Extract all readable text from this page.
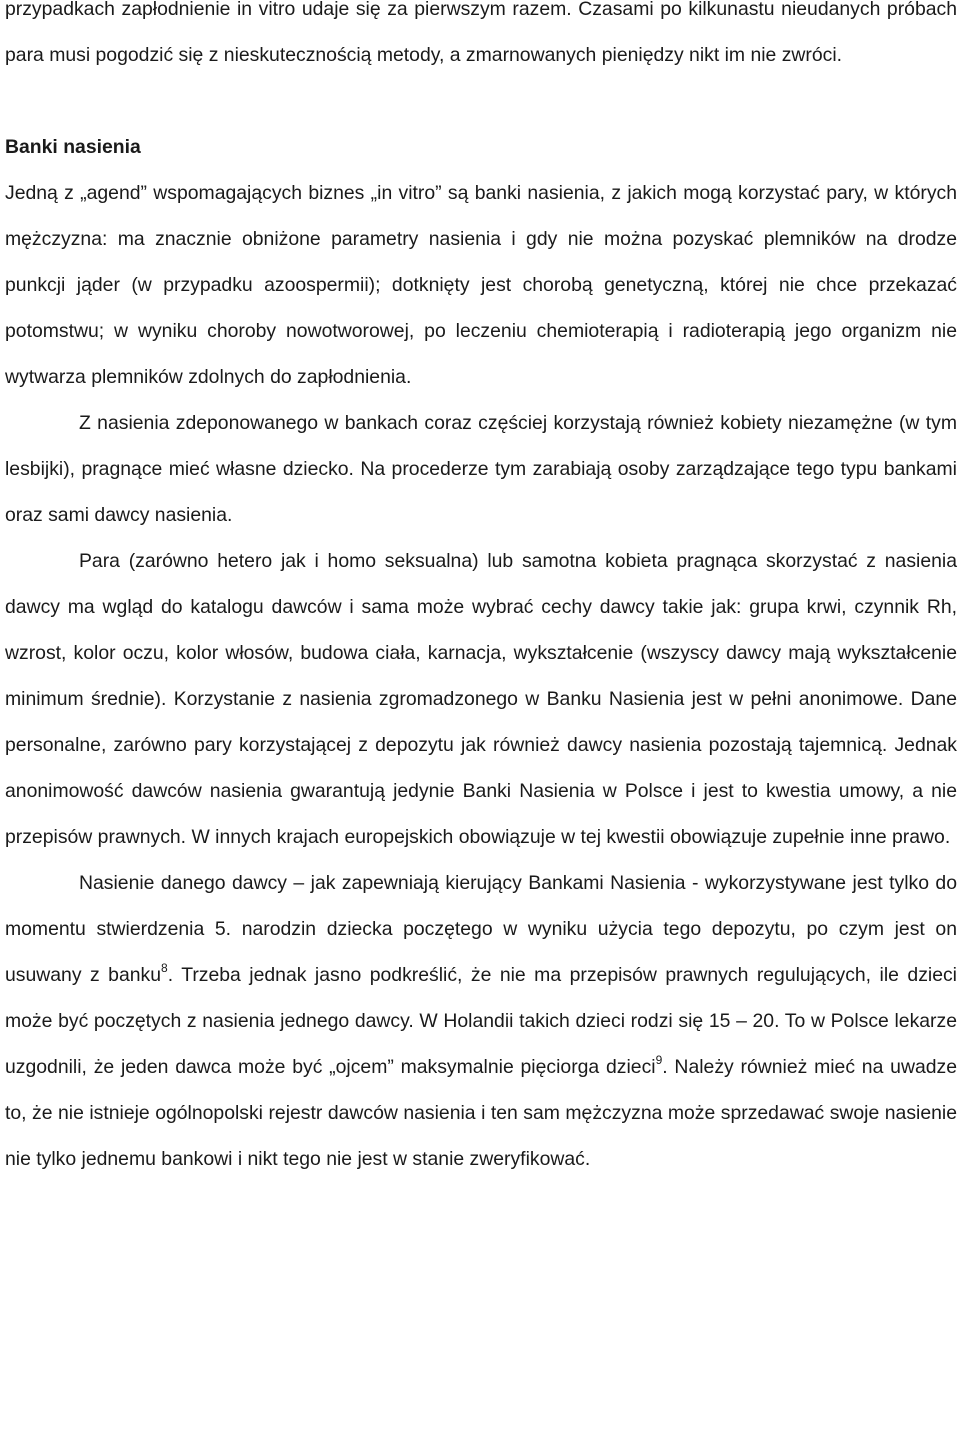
przypadkach zapłodnienie in vitro udaje się za pierwszym razem. Czasami po kilkunastu nieudanych próbach para musi pogodzić się z nieskutecznością metody, a zmarnowanych pieniędzy nikt im nie zwróci.

Banki nasienia

Jedną z „agend” wspomagających biznes „in vitro” są banki nasienia, z jakich mogą korzystać pary, w których mężczyzna: ma znacznie obniżone parametry nasienia i gdy nie można pozyskać plemników na drodze punkcji jąder (w przypadku azoospermii); dotknięty jest chorobą genetyczną, której nie chce przekazać potomstwu; w wyniku choroby nowotworowej, po leczeniu chemioterapią i radioterapią jego organizm nie wytwarza plemników zdolnych do zapłodnienia.

Z nasienia zdeponowanego w bankach coraz częściej korzystają również kobiety niezamężne (w tym lesbijki), pragnące mieć własne dziecko. Na procederze tym zarabiają osoby zarządzające tego typu bankami oraz sami dawcy nasienia.

Para (zarówno hetero jak i homo seksualna) lub samotna kobieta pragnąca skorzystać z nasienia dawcy ma wgląd do katalogu dawców i sama może wybrać cechy dawcy takie jak: grupa krwi, czynnik Rh, wzrost, kolor oczu, kolor włosów, budowa ciała, karnacja, wykształcenie (wszyscy dawcy mają wykształcenie minimum średnie). Korzystanie z nasienia zgromadzonego w Banku Nasienia jest w pełni anonimowe. Dane personalne, zarówno pary korzystającej z depozytu jak również dawcy nasienia pozostają tajemnicą. Jednak anonimowość dawców nasienia gwarantują jedynie Banki Nasienia w Polsce i jest to kwestia umowy, a nie przepisów prawnych. W innych krajach europejskich obowiązuje w tej kwestii obowiązuje zupełnie inne prawo.

Nasienie danego dawcy – jak zapewniają kierujący Bankami Nasienia - wykorzystywane jest tylko do momentu stwierdzenia 5. narodzin dziecka poczętego w wyniku użycia tego depozytu, po czym jest on usuwany z banku$^8$. Trzeba jednak jasno podkreślić, że nie ma przepisów prawnych regulujących, ile dzieci może być poczętych z nasienia jednego dawcy. W Holandii takich dzieci rodzi się 15 – 20. To w Polsce lekarze uzgodnili, że jeden dawca może być „ojcem” maksymalnie pięciorga dzieci$^9$. Należy również mieć na uwadze to, że nie istnieje ogólnopolski rejestr dawców nasienia i ten sam mężczyzna może sprzedawać swoje nasienie nie tylko jednemu bankowi i nikt tego nie jest w stanie zweryfikować.
